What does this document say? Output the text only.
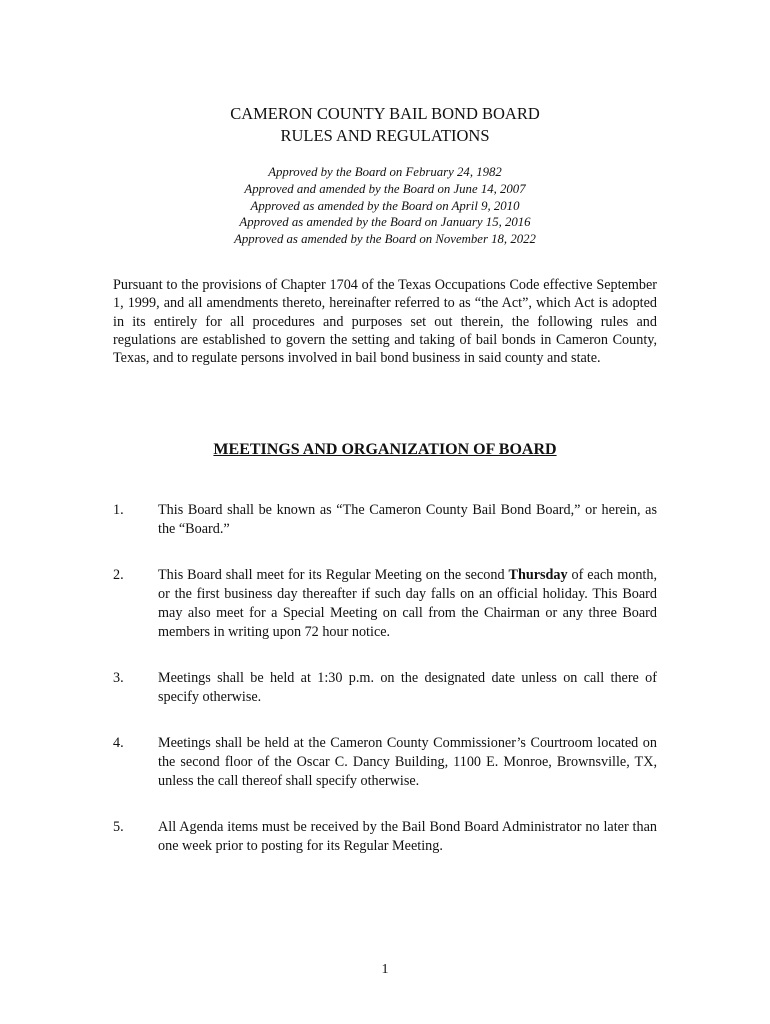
CAMERON COUNTY BAIL BOND BOARD
RULES AND REGULATIONS
Approved by the Board on February 24, 1982
Approved and amended by the Board on June 14, 2007
Approved as amended by the Board on April 9, 2010
Approved as amended by the Board on January 15, 2016
Approved as amended by the Board on November 18, 2022
Pursuant to the provisions of Chapter 1704 of the Texas Occupations Code effective September 1, 1999, and all amendments thereto, hereinafter referred to as “the Act”, which Act is adopted in its entirely for all procedures and purposes set out therein, the following rules and regulations are established to govern the setting and taking of bail bonds in Cameron County, Texas, and to regulate persons involved in bail bond business in said county and state.
MEETINGS AND ORGANIZATION OF BOARD
1. This Board shall be known as “The Cameron County Bail Bond Board,” or herein, as the “Board.”
2. This Board shall meet for its Regular Meeting on the second Thursday of each month, or the first business day thereafter if such day falls on an official holiday. This Board may also meet for a Special Meeting on call from the Chairman or any three Board members in writing upon 72 hour notice.
3. Meetings shall be held at 1:30 p.m. on the designated date unless on call there of specify otherwise.
4. Meetings shall be held at the Cameron County Commissioner’s Courtroom located on the second floor of the Oscar C. Dancy Building, 1100 E. Monroe, Brownsville, TX, unless the call thereof shall specify otherwise.
5. All Agenda items must be received by the Bail Bond Board Administrator no later than one week prior to posting for its Regular Meeting.
1
